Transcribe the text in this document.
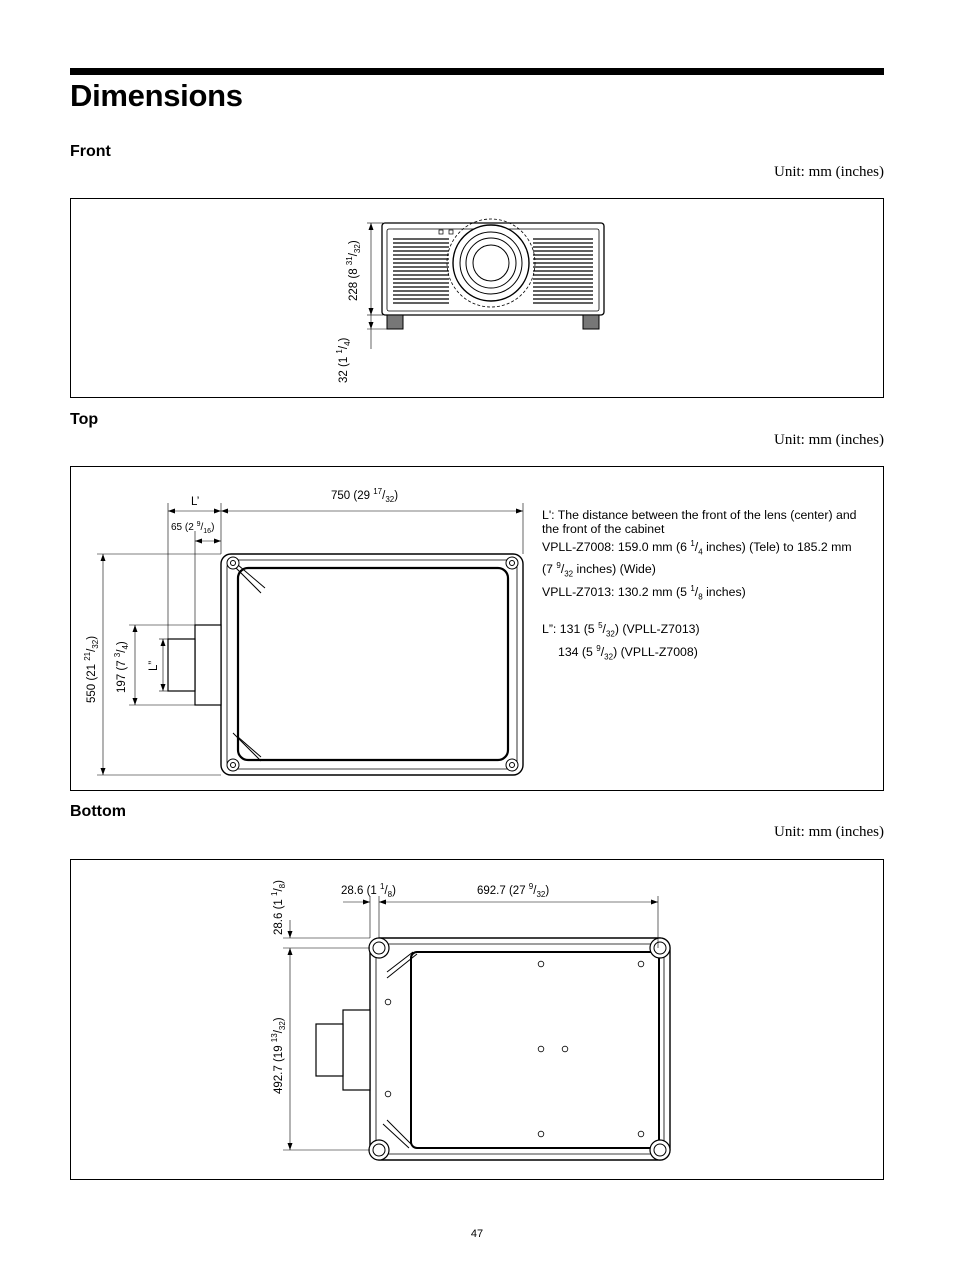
Dimensions
Front
Unit: mm (inches)
228 (8 $^{31}/_{32}$)
32 (1 $^1/_4$)
Top
Unit: mm (inches)
750 (29 $^{17}/_{32}$)
L’
65 (2 $^9/_{16}$)
550 (21 $^{21}/_{32}$)
197 (7 $^3/_4$)
L”
L': The distance between the front of the lens (center) and
the front of the cabinet
VPLL-Z7008: 159.0 mm (6 $^1/_4$ inches) (Tele) to 185.2 mm
(7 $^9/_{32}$ inches) (Wide)
VPLL-Z7013: 130.2 mm (5 $^1/_8$ inches)
L”: 131 (5 $^5/_{32}$) (VPLL-Z7013)
134 (5 $^9/_{32}$) (VPLL-Z7008)
Bottom
Unit: mm (inches)
28.6 (1 $^1/_8$)	692.7 (27 $^9/_{32}$)
28.6 (1 $^1/_8$)
492.7 (19 $^{13}/_{32}$)
47
